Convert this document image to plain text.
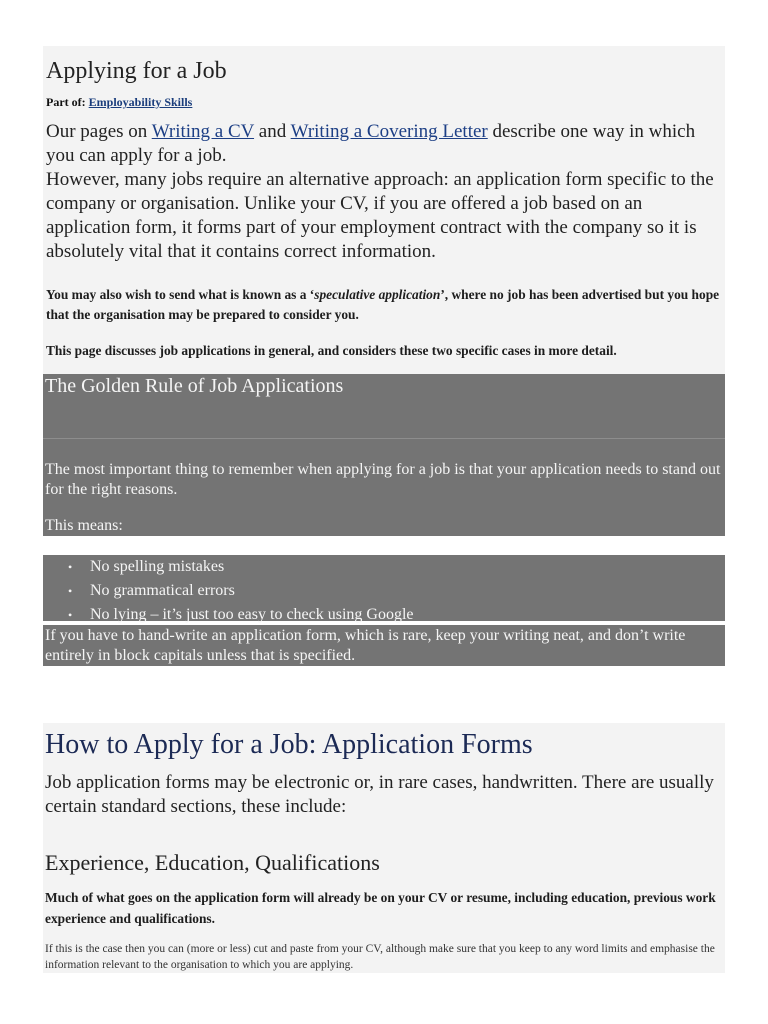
Applying for a Job
Part of: Employability Skills

Our pages on Writing a CV and Writing a Covering Letter describe one way in which you can apply for a job.
However, many jobs require an alternative approach: an application form specific to the company or organisation. Unlike your CV, if you are offered a job based on an application form, it forms part of your employment contract with the company so it is absolutely vital that it contains correct information.

You may also wish to send what is known as a ‘speculative application’, where no job has been advertised but you hope that the organisation may be prepared to consider you.

This page discusses job applications in general, and considers these two specific cases in more detail.

The Golden Rule of Job Applications

The most important thing to remember when applying for a job is that your application needs to stand out for the right reasons.

This means:

• No spelling mistakes
• No grammatical errors
• No lying – it’s just too easy to check using Google

If you have to hand-write an application form, which is rare, keep your writing neat, and don’t write entirely in block capitals unless that is specified.

How to Apply for a Job: Application Forms

Job application forms may be electronic or, in rare cases, handwritten. There are usually certain standard sections, these include:

Experience, Education, Qualifications

Much of what goes on the application form will already be on your CV or resume, including education, previous work experience and qualifications.

If this is the case then you can (more or less) cut and paste from your CV, although make sure that you keep to any word limits and emphasise the information relevant to the organisation to which you are applying.
